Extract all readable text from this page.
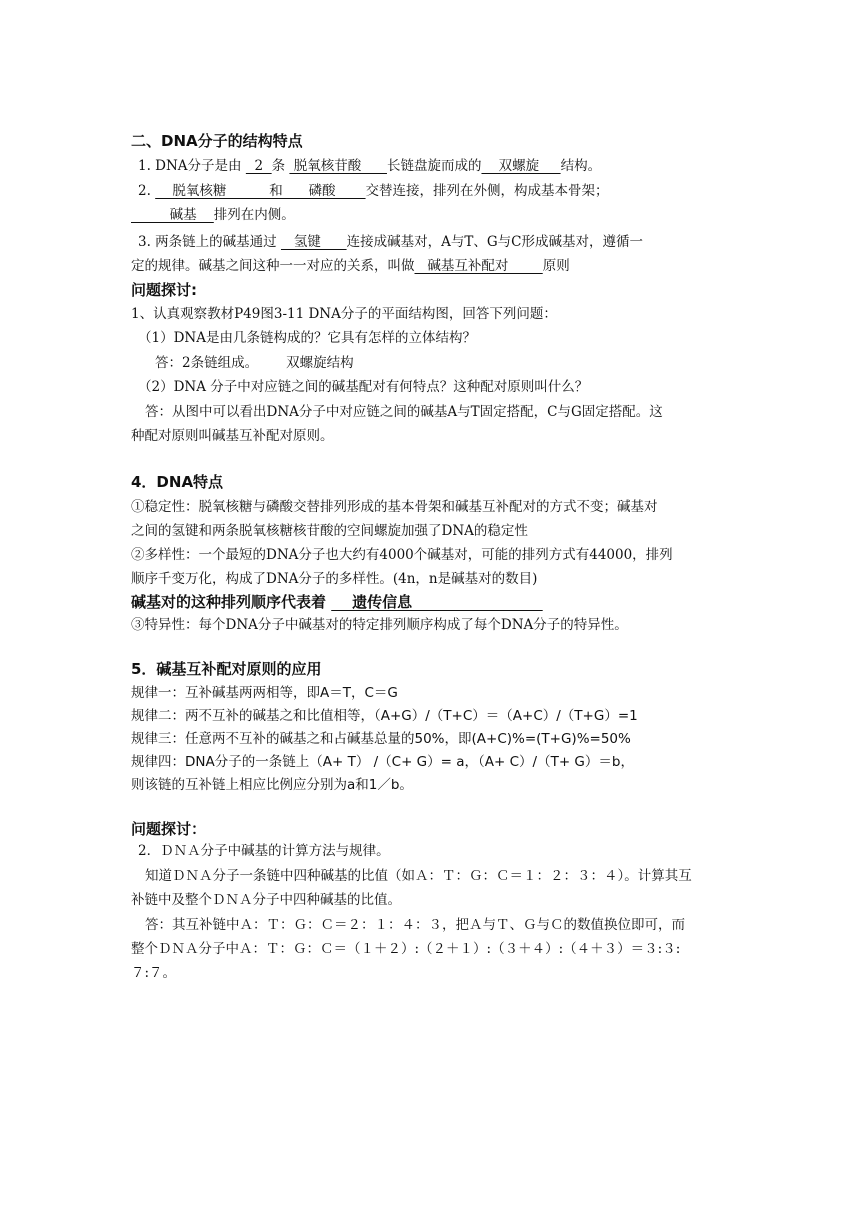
二、DNA分子的结构特点
1. DNA分子是由   2  条  脱氧核苷酸      长链盘旋而成的    双螺旋     结构。
2.     脱氧核糖          和      磷酸       交替连接，排列在外侧，构成基本骨架；
碱基    排列在内侧。
3. 两条链上的碱基通过    氢键      连接成碱基对，A与T、G与C形成碱基对，遵循一
定的规律。碱基之间这种一一对应的关系，叫做   碱基互补配对        原则
问题探讨:
1、认真观察教材P49图3-11 DNA分子的平面结构图，回答下列问题：
（1）DNA是由几条链构成的？它具有怎样的立体结构？
答：2条链组成。 双螺旋结构
（2）DNA 分子中对应链之间的碱基配对有何特点？这种配对原则叫什么？
答：从图中可以看出DNA分子中对应链之间的碱基A与T固定搭配，C与G固定搭配。这
种配对原则叫碱基互补配对原则。
4．DNA特点
①稳定性：脱氧核糖与磷酸交替排列形成的基本骨架和碱基互补配对的方式不变；碱基对
之间的氢键和两条脱氧核糖核苷酸的空间螺旋加强了DNA的稳定性
②多样性：一个最短的DNA分子也大约有4000个碱基对，可能的排列方式有44000，排列
顺序千变万化，构成了DNA分子的多样性。(4n，n是碱基对的数目)
碱基对的这种排列顺序代表着     遗传信息
③特异性：每个DNA分子中碱基对的特定排列顺序构成了每个DNA分子的特异性。
5．碱基互补配对原则的应用
规律一：互补碱基两两相等，即A＝T，C＝G
规律二：两不互补的碱基之和比值相等，（A+G）/（T+C）＝（A+C）/（T+G）=1
规律三：任意两不互补的碱基之和占碱基总量的50%，即(A+C)%=(T+G)%=50%
规律四：DNA分子的一条链上（A+ T） /（C+ G）= a，（A+ C）/（T+ G）＝b，
则该链的互补链上相应比例应分别为a和1／b。
问题探讨：
2．ＤＮＡ分子中碱基的计算方法与规律。
知道ＤＮＡ分子一条链中四种碱基的比值（如Ａ：Ｔ：Ｇ：Ｃ＝１：２：３：４）。计算其互
补链中及整个ＤＮＡ分子中四种碱基的比值。
答：其互补链中Ａ：Ｔ：Ｇ：Ｃ＝２：１：４：３，把Ａ与Ｔ、Ｇ与Ｃ的数值换位即可，而
整个ＤＮＡ分子中Ａ：Ｔ：Ｇ：Ｃ＝（１＋２）:（２＋１）:（３＋４）:（４＋３）＝３:３:
７:７。
